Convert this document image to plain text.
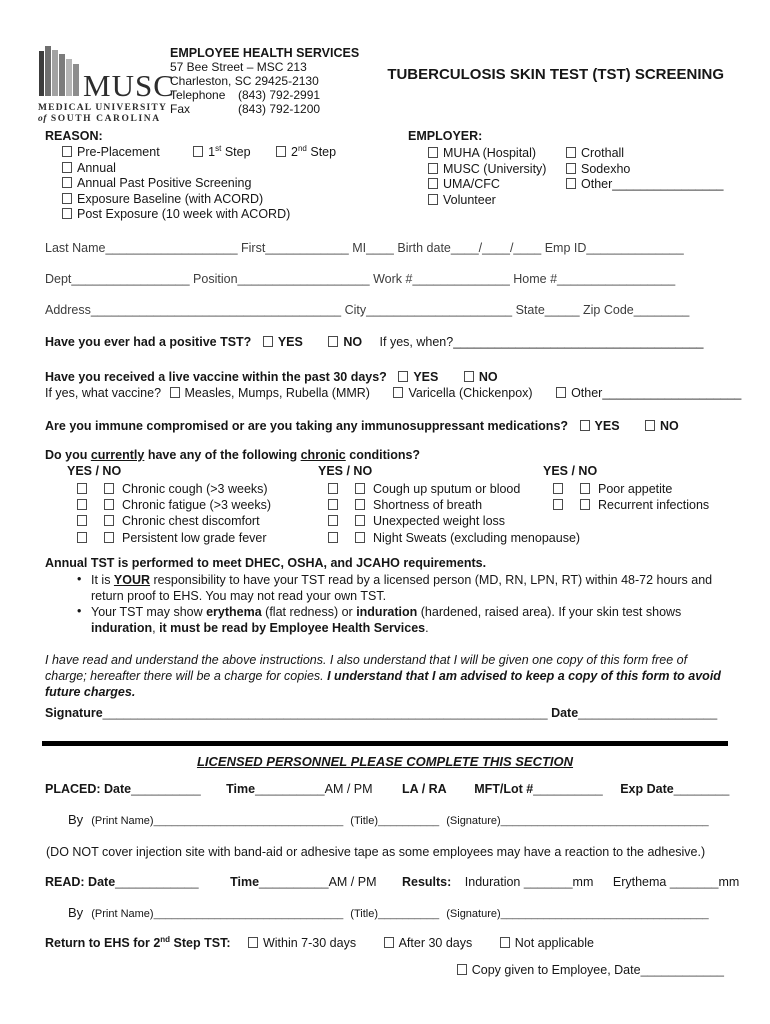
MUSC
MEDICAL UNIVERSITY
of SOUTH CAROLINA
EMPLOYEE HEALTH SERVICES
57 Bee Street – MSC 213
Charleston, SC 29425-2130
Telephone (843) 792-2991
Fax	(843) 792-1200
TUBERCULOSIS SKIN TEST (TST) SCREENING
REASON:
Pre-Placement	1st Step	2nd Step
Annual
Annual Past Positive Screening
Exposure Baseline (with ACORD)
Post Exposure (10 week with ACORD)
EMPLOYER:
MUHA (Hospital)
MUSC (University)
UMA/CFC
Volunteer
Crothall
Sodexho
Other________________
Last Name___________________ First____________ MI____ Birth date____/____/____ Emp ID______________
Dept_________________ Position___________________ Work #______________ Home #_________________
Address____________________________________ City_____________________ State_____ Zip Code________
Have you ever had a positive TST? YES	NO If yes, when?____________________________________
Have you received a live vaccine within the past 30 days? YES	NO
If yes, what vaccine? Measles, Mumps, Rubella (MMR)	Varicella (Chickenpox)	Other____________________
Are you immune compromised or are you taking any immunosuppressant medications? YES	NO
Do you currently have any of the following chronic conditions?
YES / NO
Chronic cough (>3 weeks)
Chronic fatigue (>3 weeks)
Chronic chest discomfort
Persistent low grade fever
YES / NO
Cough up sputum or blood
Shortness of breath
Unexpected weight loss
Night Sweats (excluding menopause)
YES / NO
Poor appetite
Recurrent infections
Annual TST is performed to meet DHEC, OSHA, and JCAHO requirements.
• It is YOUR responsibility to have your TST read by a licensed person (MD, RN, LPN, RT) within 48-72 hours and return proof to EHS. You may not read your own TST.
• Your TST may show erythema (flat redness) or induration (hardened, raised area). If your skin test shows induration, it must be read by Employee Health Services.
I have read and understand the above instructions. I also understand that I will be given one copy of this form free of charge; hereafter there will be a charge for copies. I understand that I am advised to keep a copy of this form to avoid future charges.
Signature________________________________________________________________ Date____________________
LICENSED PERSONNEL PLEASE COMPLETE THIS SECTION
PLACED: Date__________ Time__________AM / PM LA / RA MFT/Lot #__________ Exp Date________
By (Print Name)_______________________________ (Title)__________ (Signature)__________________________________
(DO NOT cover injection site with band-aid or adhesive tape as some employees may have a reaction to the adhesive.)
READ: Date____________	Time__________AM / PM Results: Induration _______mm Erythema _______mm
By (Print Name)_______________________________ (Title)__________ (Signature)__________________________________
Return to EHS for 2nd Step TST:	Within 7-30 days	After 30 days	Not applicable
Copy given to Employee, Date____________
